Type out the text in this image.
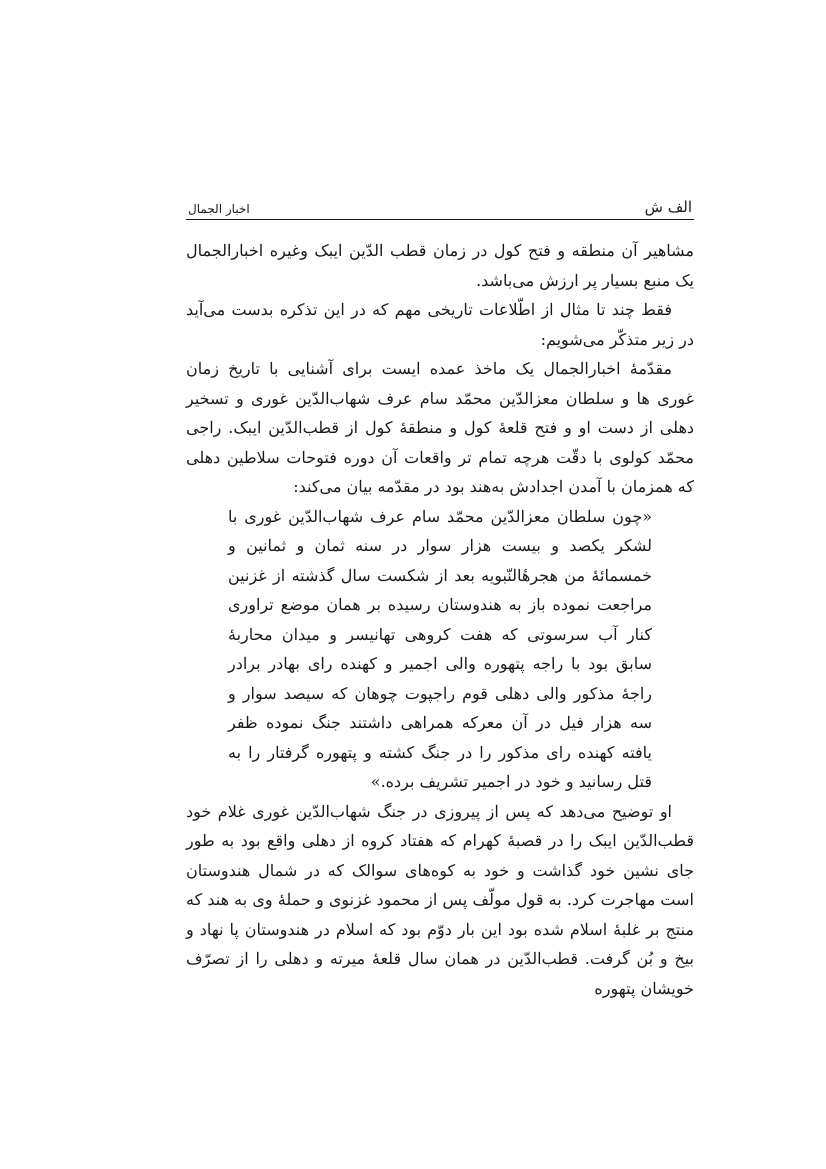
الف ش
اخبار الجمال

مشاهیر آن منطقه و فتح کول در زمان قطب الدّین ایبک وغیره اخبارالجمال یک منبع بسیار پر ارزش می‌باشد.

فقط چند تا مثال از اطّلاعات تاریخی مهم که در این تذکره بدست می‌آید در زیر متذکّر می‌شویم:

مقدّمهٔ اخبارالجمال یک ماخذ عمده ایست برای آشنایی با تاریخ زمان غوری ها و سلطان معزالدّین محمّد سام عرف شهاب‌الدّین غوری و تسخیر دهلی از دست او و فتح قلعهٔ کول و منطقهٔ کول از قطب‌الدّین ایبک. راجی محمّد کولوی با دقّت هرچه تمام تر واقعات آن دوره فتوحات سلاطین دهلی که همزمان با آمدن اجدادش به‌هند بود در مقدّمه بیان می‌کند:

«چون سلطان معزالدّین محمّد سام عرف شهاب‌الدّین غوری با لشکر یکصد و بیست هزار سوار در سنه ثمان و ثمانین و خمسمائهٔ من هجرهٔالنّبویه بعد از شکست سال گذشته از غزنین مراجعت نموده باز به هندوستان رسیده بر همان موضع تراوری کنار آب سرسوتی که هفت کروهی تهانیسر و میدان محاربهٔ سابق بود با راجه پتهوره والی اجمیر و کهنده رای بهادر برادر راجهٔ مذکور والی دهلی قوم راجپوت چوهان که سیصد سوار و سه هزار فیل در آن معرکه همراهی داشتند جنگ نموده ظفر یافته کهنده رای مذکور را در جنگ کشته و پتهوره گرفتار را به قتل رسانید و خود در اجمیر تشریف برده.»

او توضیح می‌دهد که پس از پیروزی در جنگ شهاب‌الدّین غوری غلام خود قطب‌الدّین ایبک را در قصبهٔ کهرام که هفتاد کروه از دهلی واقع بود به طور جای نشین خود گذاشت و خود به کوه‌های سوالک که در شمال هندوستان است مهاجرت کرد. به قول مولّف پس از محمود غزنوی و حملهٔ وی به هند که منتج بر غلبهٔ اسلام شده بود این بار دوّم بود که اسلام در هندوستان پا نهاد و بیخ و بُن گرفت. قطب‌الدّین در همان سال قلعهٔ میرته و دهلی را از تصرّف خویشان پتهوره
